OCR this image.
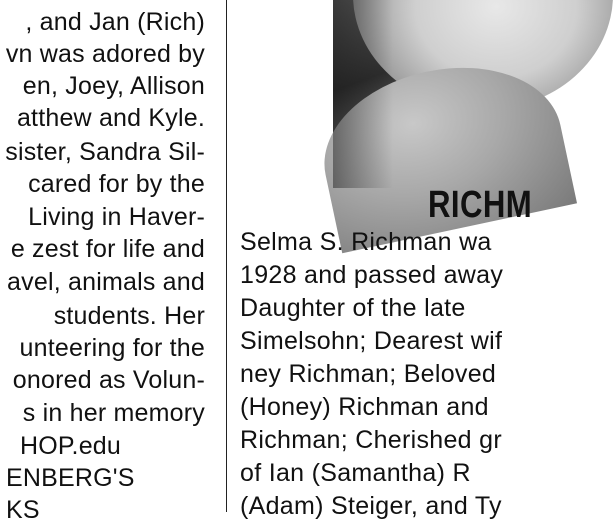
, and Jan (Rich)
vn was adored by
en, Joey, Allison
atthew and Kyle.
sister, Sandra Sil-
cared for by the
Living in Haver-
e zest for life and
avel, animals and
students. Her
unteering for the
onored as Volun-
s in her memory
HOP.edu
ENBERG'S
KS
RICHM
Selma S. Richman wa
1928 and passed away
Daughter of the late
Simelsohn; Dearest wif
ney Richman; Beloved
(Honey) Richman and
Richman; Cherished gr
of Ian (Samantha) R
(Adam) Steiger, and Ty
